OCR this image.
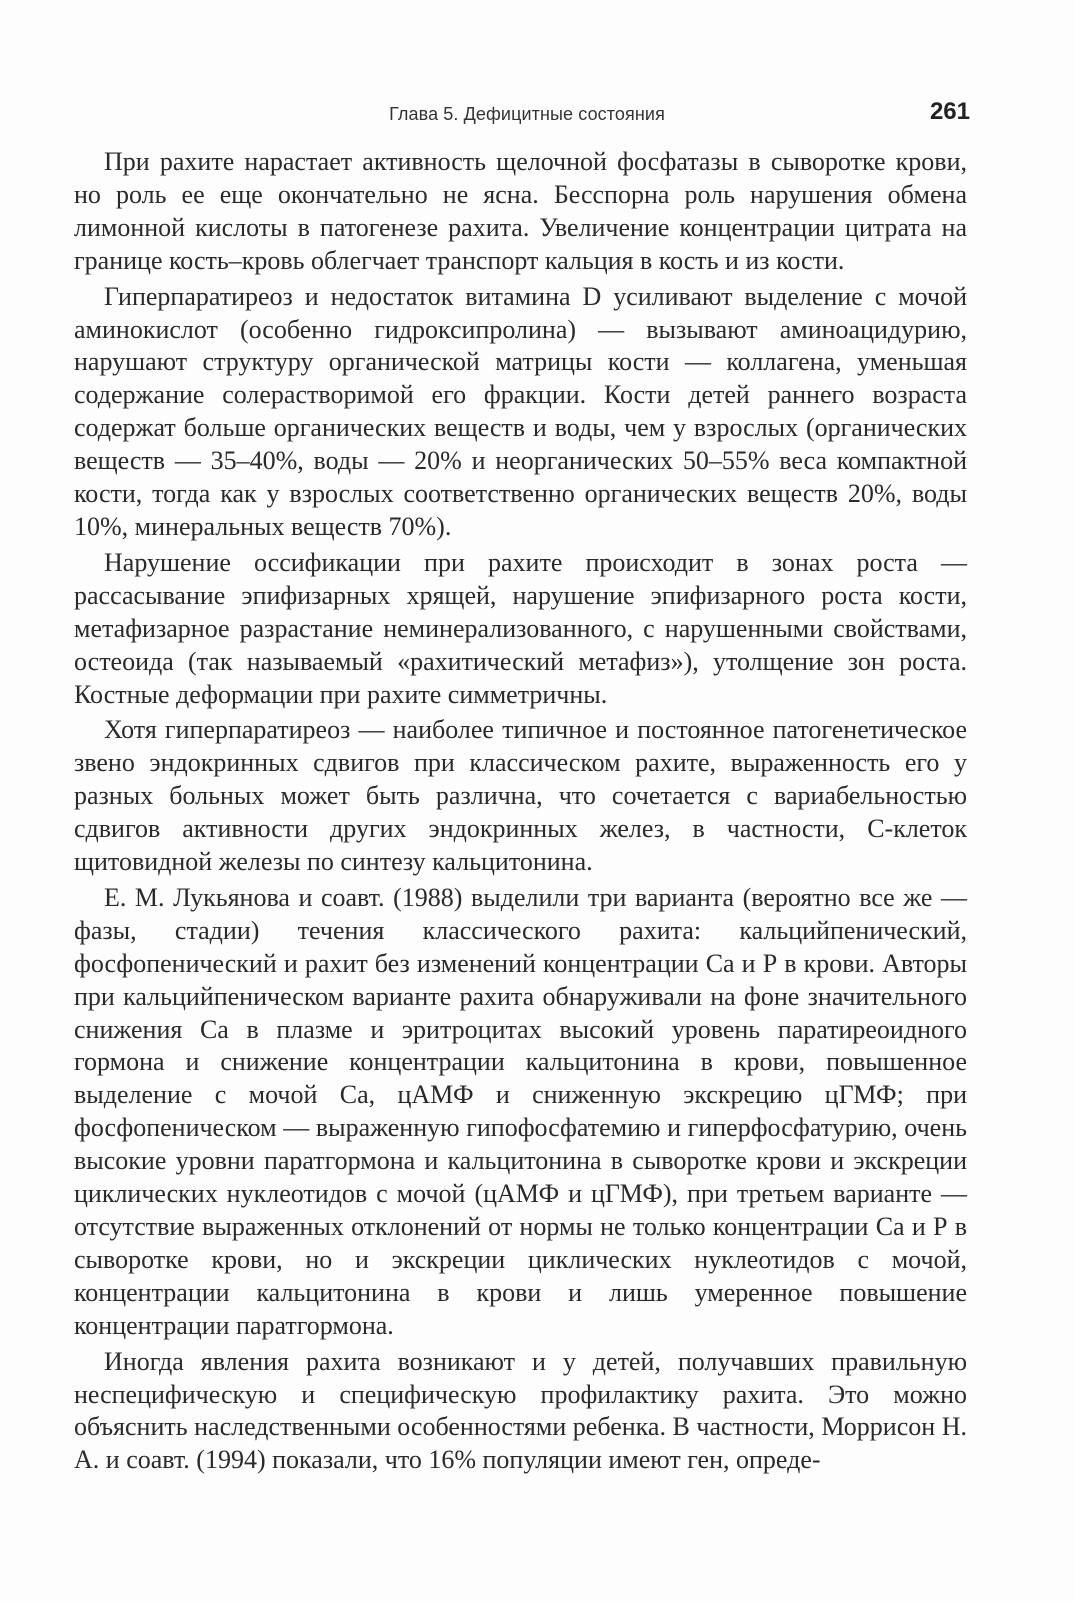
Глава 5. Дефицитные состояния	261

При рахите нарастает активность щелочной фосфатазы в сыворотке крови, но роль ее еще окончательно не ясна. Бесспорна роль нарушения обмена лимонной кислоты в патогенезе рахита. Увеличение концентрации цитрата на границе кость–кровь облегчает транспорт кальция в кость и из кости.

Гиперпаратиреоз и недостаток витамина D усиливают выделение с мочой аминокислот (особенно гидроксипролина) — вызывают аминоацидурию, нарушают структуру органической матрицы кости — коллагена, уменьшая содержание солерастворимой его фракции. Кости детей раннего возраста содержат больше органических веществ и воды, чем у взрослых (органических веществ — 35–40%, воды — 20% и неорганических 50–55% веса компактной кости, тогда как у взрослых соответственно органических веществ 20%, воды 10%, минеральных веществ 70%).

Нарушение оссификации при рахите происходит в зонах роста — рассасывание эпифизарных хрящей, нарушение эпифизарного роста кости, метафизарное разрастание неминерализованного, с нарушенными свойствами, остеоида (так называемый «рахитический метафиз»), утолщение зон роста. Костные деформации при рахите симметричны.

Хотя гиперпаратиреоз — наиболее типичное и постоянное патогенетическое звено эндокринных сдвигов при классическом рахите, выраженность его у разных больных может быть различна, что сочетается с вариабельностью сдвигов активности других эндокринных желез, в частности, С-клеток щитовидной железы по синтезу кальцитонина.

Е. М. Лукьянова и соавт. (1988) выделили три варианта (вероятно все же — фазы, стадии) течения классического рахита: кальцийпенический, фосфопенический и рахит без изменений концентрации Са и Р в крови. Авторы при кальцийпеническом варианте рахита обнаруживали на фоне значительного снижения Са в плазме и эритроцитах высокий уровень паратиреоидного гормона и снижение концентрации кальцитонина в крови, повышенное выделение с мочой Са, цАМФ и сниженную экскрецию цГМФ; при фосфопеническом — выраженную гипофосфатемию и гиперфосфатурию, очень высокие уровни паратгормона и кальцитонина в сыворотке крови и экскреции циклических нуклеотидов с мочой (цАМФ и цГМФ), при третьем варианте — отсутствие выраженных отклонений от нормы не только концентрации Са и Р в сыворотке крови, но и экскреции циклических нуклеотидов с мочой, концентрации кальцитонина в крови и лишь умеренное повышение концентрации паратгормона.

Иногда явления рахита возникают и у детей, получавших правильную неспецифическую и специфическую профилактику рахита. Это можно объяснить наследственными особенностями ребенка. В частности, Моррисон Н. А. и соавт. (1994) показали, что 16% популяции имеют ген, опреде-
